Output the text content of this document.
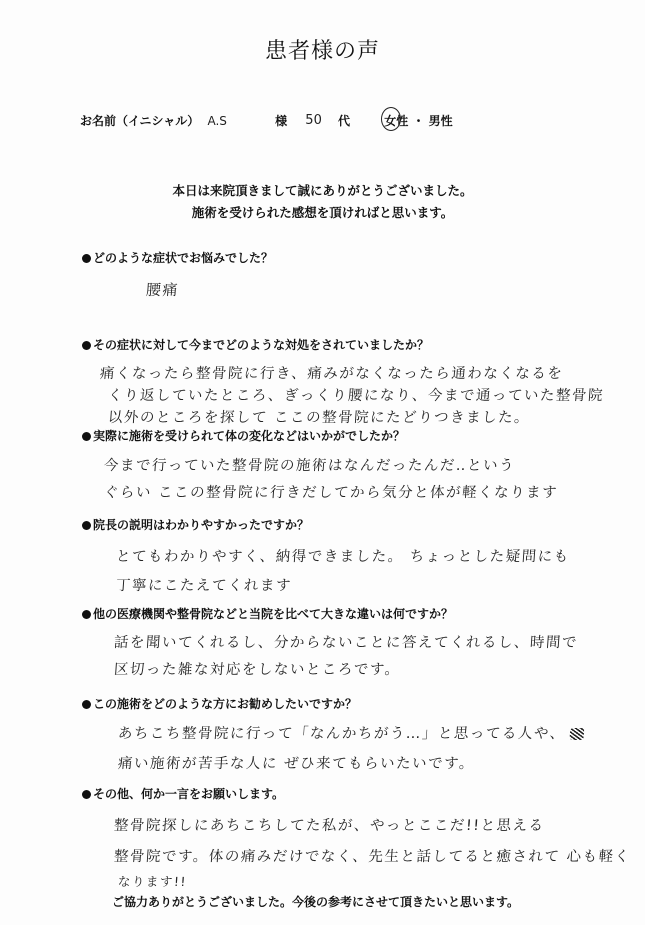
患者様の声
お名前（イニシャル） A.S	様 50 代	女性 ・ 男性
本日は来院頂きまして誠にありがとうございました。
施術を受けられた感想を頂ければと思います。
どのような症状でお悩みでした？
腰痛
その症状に対して今までどのような対処をされていましたか？
痛くなったら整骨院に行き、痛みがなくなったら通わなくなるを
くり返していたところ、ぎっくり腰になり、今まで通っていた整骨院
以外のところを探して ここの整骨院にたどりつきました。
実際に施術を受けられて体の変化などはいかがでしたか？
今まで行っていた整骨院の施術はなんだったんだ‥という
ぐらい ここの整骨院に行きだしてから気分と体が軽くなります
院長の説明はわかりやすかったですか？
とてもわかりやすく、納得できました。 ちょっとした疑問にも
丁寧にこたえてくれます
他の医療機関や整骨院などと当院を比べて大きな違いは何ですか？
話を聞いてくれるし、分からないことに答えてくれるし、時間で
区切った雑な対応をしないところです。
この施術をどのような方にお勧めしたいですか？
あちこち整骨院に行って「なんかちがう…」と思ってる人や、
痛い施術が苦手な人に ぜひ来てもらいたいです。
その他、何か一言をお願いします。
整骨院探しにあちこちしてた私が、やっとここだ!!と思える
整骨院です。体の痛みだけでなく、先生と話してると癒されて 心も軽く
なります!!
ご協力ありがとうございました。今後の参考にさせて頂きたいと思います。
